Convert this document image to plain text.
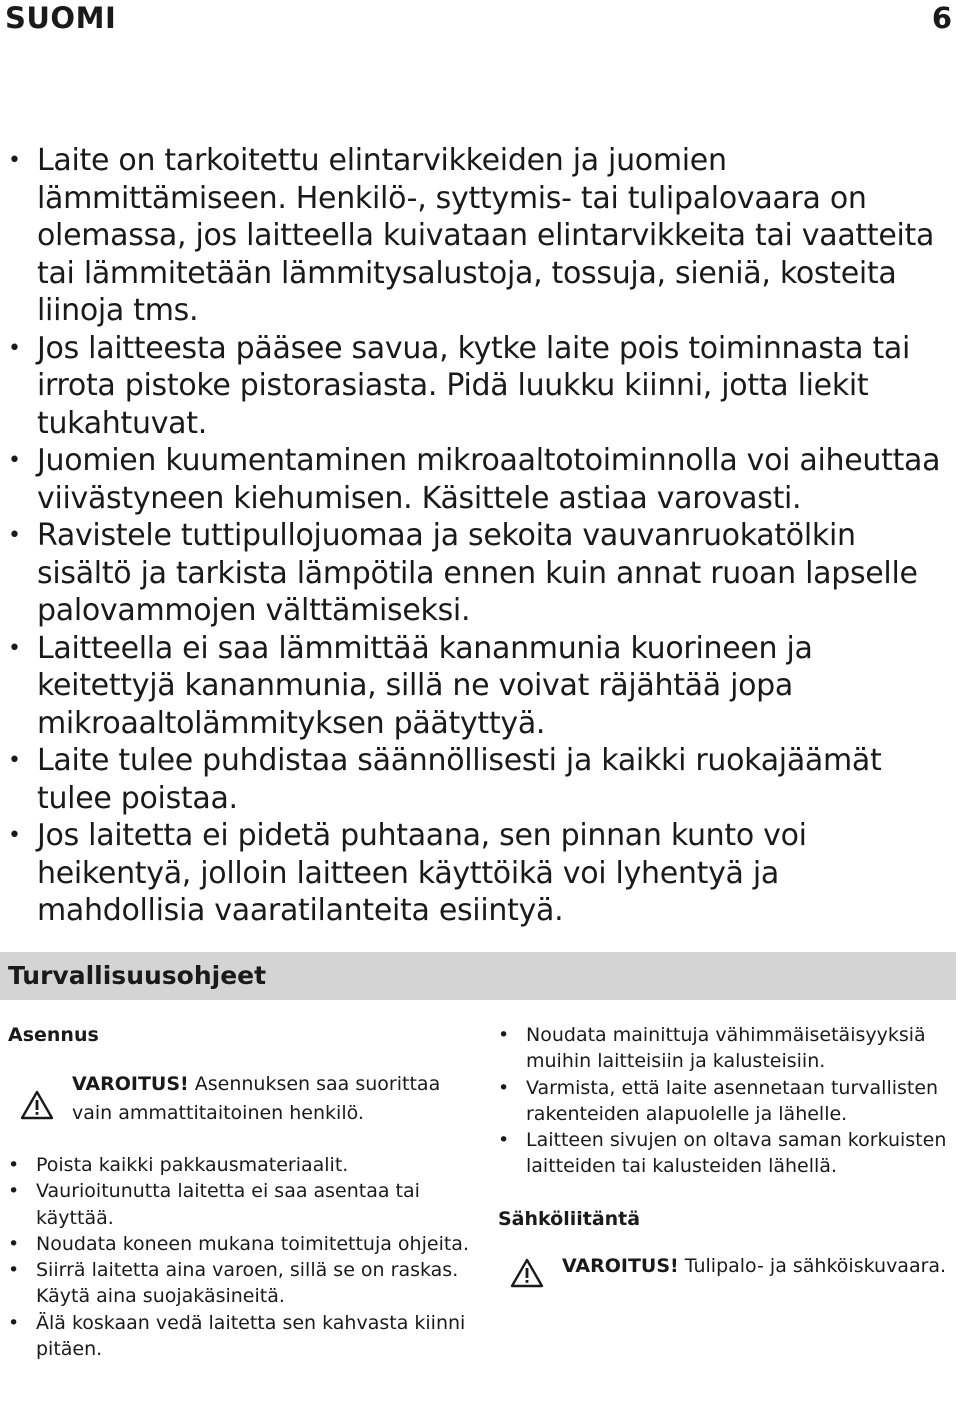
SUOMI	6
• Laite on tarkoitettu elintarvikkeiden ja juomien lämmittämiseen. Henkilö-, syttymis- tai tulipalovaara on olemassa, jos laitteella kuivataan elintarvikkeita tai vaatteita tai lämmitetään lämmitysalustoja, tossuja, sieniä, kosteita liinoja tms.
• Jos laitteesta pääsee savua, kytke laite pois toiminnasta tai irrota pistoke pistorasiasta. Pidä luukku kiinni, jotta liekit tukahtuvat.
• Juomien kuumentaminen mikroaaltotoiminnolla voi aiheuttaa viivästyneen kiehumisen. Käsittele astiaa varovasti.
• Ravistele tuttipullojuomaa ja sekoita vauvanruokatölkin sisältö ja tarkista lämpötila ennen kuin annat ruoan lapselle palovammojen välttämiseksi.
• Laitteella ei saa lämmittää kananmunia kuorineen ja keitettyjä kananmunia, sillä ne voivat räjähtää jopa mikroaaltolämmityksen päätyttyä.
• Laite tulee puhdistaa säännöllisesti ja kaikki ruokajäämät tulee poistaa.
• Jos laitetta ei pidetä puhtaana, sen pinnan kunto voi heikentyä, jolloin laitteen käyttöikä voi lyhentyä ja mahdollisia vaaratilanteita esiintyä.
Turvallisuusohjeet
Asennus
VAROITUS! Asennuksen saa suorittaa vain ammattitaitoinen henkilö.
• Poista kaikki pakkausmateriaalit.
• Vaurioitunutta laitetta ei saa asentaa tai käyttää.
• Noudata koneen mukana toimitettuja ohjeita.
• Siirrä laitetta aina varoen, sillä se on raskas. Käytä aina suojakäsineitä.
• Älä koskaan vedä laitetta sen kahvasta kiinni pitäen.
• Noudata mainittuja vähimmäisetäisyyksiä muihin laitteisiin ja kalusteisiin.
• Varmista, että laite asennetaan turvallisten rakenteiden alapuolelle ja lähelle.
• Laitteen sivujen on oltava saman korkuisten laitteiden tai kalusteiden lähellä.
Sähköliitäntä
VAROITUS! Tulipalo- ja sähköiskuvaara.
